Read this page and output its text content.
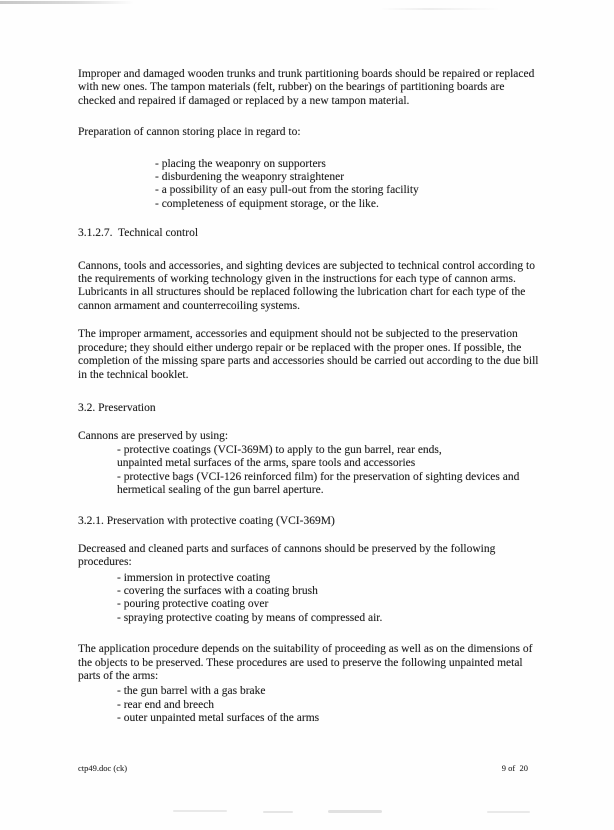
Improper and damaged wooden trunks and trunk partitioning boards should be repaired or replaced with new ones. The tampon materials (felt, rubber) on the bearings of partitioning boards are checked and repaired if damaged or replaced by a new tampon material.

Preparation of cannon storing place in regard to:

- placing the weaponry on supporters

- disburdening the weaponry straightener

- a possibility of an easy pull-out from the storing facility

- completeness of equipment storage, or the like.

3.1.2.7.  Technical control

Cannons, tools and accessories, and sighting devices are subjected to technical control according to the requirements of working technology given in the instructions for each type of cannon arms. Lubricants in all structures should be replaced following the lubrication chart for each type of the cannon armament and counterrecoiling systems.

The improper armament, accessories and equipment should not be subjected to the preservation procedure; they should either undergo repair or be replaced with the proper ones. If possible, the completion of the missing spare parts and accessories should be carried out according to the due bill in the technical booklet.

3.2. Preservation

Cannons are preserved by using:

- protective coatings (VCI-369M) to apply to the gun barrel, rear ends,

unpainted metal surfaces of the arms, spare tools and accessories

- protective bags (VCI-126 reinforced film) for the preservation of sighting devices and

hermetical sealing of the gun barrel aperture.

3.2.1. Preservation with protective coating (VCI-369M)

Decreased and cleaned parts and surfaces of cannons should be preserved by the following procedures:

- immersion in protective coating

- covering the surfaces with a coating brush

- pouring protective coating over

- spraying protective coating by means of compressed air.

The application procedure depends on the suitability of proceeding as well as on the dimensions of the objects to be preserved. These procedures are used to preserve the following unpainted metal parts of the arms:

- the gun barrel with a gas brake

- rear end and breech

- outer unpainted metal surfaces of the arms

ctp49.doc (ck)	9 of  20
